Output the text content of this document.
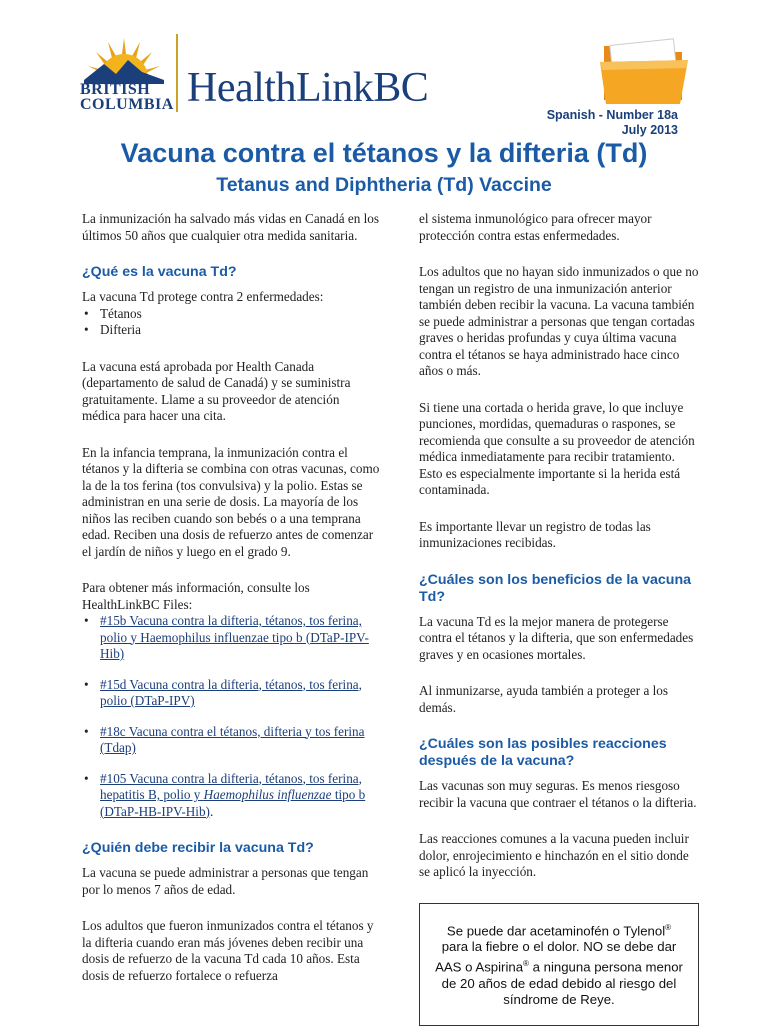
BRITISH
COLUMBIA HealthLinkBC
Spanish - Number 18a
July 2013
Vacuna contra el tétanos y la difteria (Td)
Tetanus and Diphtheria (Td) Vaccine

La inmunización ha salvado más vidas en Canadá en los últimos 50 años que cualquier otra medida sanitaria.

¿Qué es la vacuna Td?

La vacuna Td protege contra 2 enfermedades:

• Tétanos
• Difteria

La vacuna está aprobada por Health Canada (departamento de salud de Canadá) y se suministra gratuitamente. Llame a su proveedor de atención médica para hacer una cita.

En la infancia temprana, la inmunización contra el tétanos y la difteria se combina con otras vacunas, como la de la tos ferina (tos convulsiva) y la polio. Estas se administran en una serie de dosis. La mayoría de los niños las reciben cuando son bebés o a una temprana edad. Reciben una dosis de refuerzo antes de comenzar el jardín de niños y luego en el grado 9.

Para obtener más información, consulte los HealthLinkBC Files:

• #15b Vacuna contra la difteria, tétanos, tos ferina, polio y Haemophilus influenzae tipo b (DTaP-IPV-Hib)
• #15d Vacuna contra la difteria, tétanos, tos ferina, polio (DTaP-IPV)
• #18c Vacuna contra el tétanos, difteria y tos ferina (Tdap)
• #105 Vacuna contra la difteria, tétanos, tos ferina, hepatitis B, polio y Haemophilus influenzae tipo b (DTaP-HB-IPV-Hib).
¿Quién debe recibir la vacuna Td?

La vacuna se puede administrar a personas que tengan por lo menos 7 años de edad.

Los adultos que fueron inmunizados contra el tétanos y la difteria cuando eran más jóvenes deben recibir una dosis de refuerzo de la vacuna Td cada 10 años. Esta dosis de refuerzo fortalece o refuerza

el sistema inmunológico para ofrecer mayor protección contra estas enfermedades.

Los adultos que no hayan sido inmunizados o que no tengan un registro de una inmunización anterior también deben recibir la vacuna. La vacuna también se puede administrar a personas que tengan cortadas graves o heridas profundas y cuya última vacuna contra el tétanos se haya administrado hace cinco años o más.

Si tiene una cortada o herida grave, lo que incluye punciones, mordidas, quemaduras o raspones, se recomienda que consulte a su proveedor de atención médica inmediatamente para recibir tratamiento. Esto es especialmente importante si la herida está contaminada.

Es importante llevar un registro de todas las inmunizaciones recibidas.

¿Cuáles son los beneficios de la vacuna Td?

La vacuna Td es la mejor manera de protegerse contra el tétanos y la difteria, que son enfermedades graves y en ocasiones mortales.

Al inmunizarse, ayuda también a proteger a los demás.

¿Cuáles son las posibles reacciones después de la vacuna?

Las vacunas son muy seguras. Es menos riesgoso recibir la vacuna que contraer el tétanos o la difteria.

Las reacciones comunes a la vacuna pueden incluir dolor, enrojecimiento e hinchazón en el sitio donde se aplicó la inyección.

Se puede dar acetaminofén o Tylenol® para la fiebre o el dolor. NO se debe dar AAS o Aspirina® a ninguna persona menor de 20 años de edad debido al riesgo del síndrome de Reye.
